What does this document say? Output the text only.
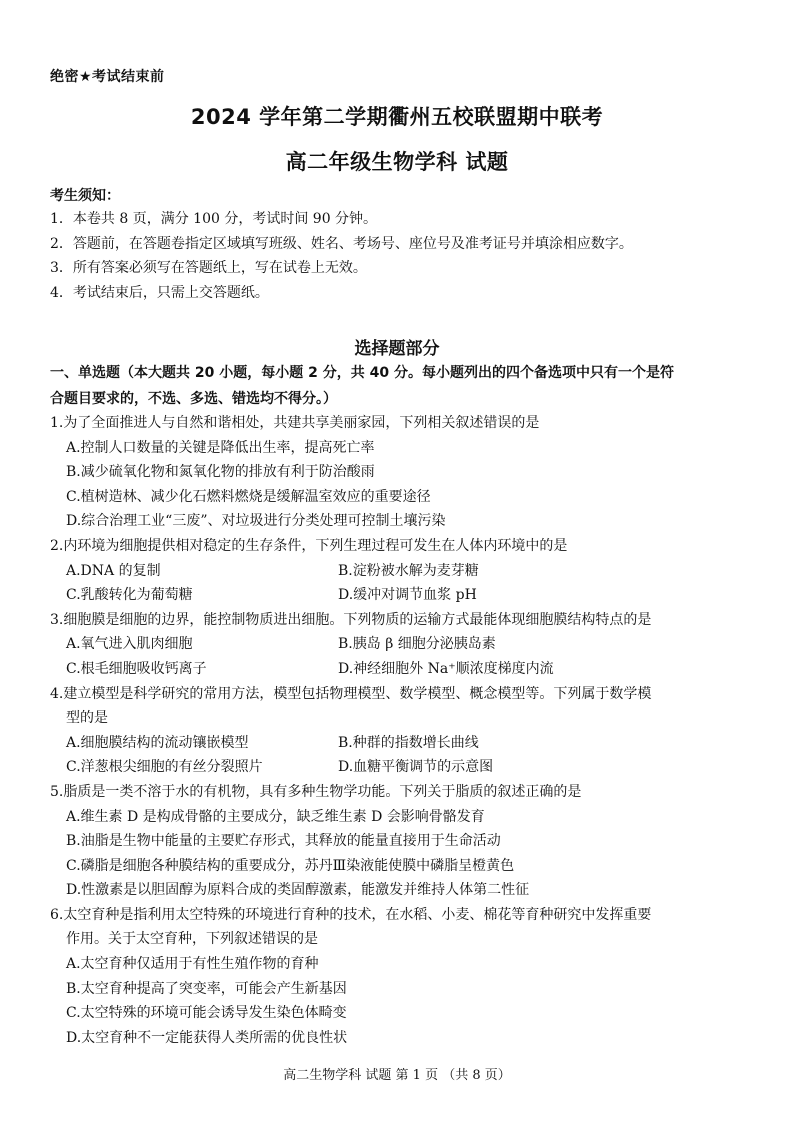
绝密★考试结束前
2024 学年第二学期衢州五校联盟期中联考
高二年级生物学科 试题
考生须知：
1．本卷共 8 页，满分 100 分，考试时间 90 分钟。
2．答题前，在答题卷指定区域填写班级、姓名、考场号、座位号及准考证号并填涂相应数字。
3．所有答案必须写在答题纸上，写在试卷上无效。
4．考试结束后，只需上交答题纸。
选择题部分
一、单选题（本大题共 20 小题，每小题 2 分，共 40 分。每小题列出的四个备选项中只有一个是符
合题目要求的，不选、多选、错选均不得分。）
1.为了全面推进人与自然和谐相处，共建共享美丽家园，下列相关叙述错误的是
A.控制人口数量的关键是降低出生率，提高死亡率
B.减少硫氧化物和氮氧化物的排放有利于防治酸雨
C.植树造林、减少化石燃料燃烧是缓解温室效应的重要途径
D.综合治理工业“三废”、对垃圾进行分类处理可控制土壤污染
2.内环境为细胞提供相对稳定的生存条件，下列生理过程可发生在人体内环境中的是
A.DNA 的复制	B.淀粉被水解为麦芽糖
C.乳酸转化为葡萄糖	D.缓冲对调节血浆 pH
3.细胞膜是细胞的边界，能控制物质进出细胞。下列物质的运输方式最能体现细胞膜结构特点的是
A.氧气进入肌肉细胞	B.胰岛 β 细胞分泌胰岛素
C.根毛细胞吸收钙离子	D.神经细胞外 Na⁺顺浓度梯度内流
4.建立模型是科学研究的常用方法，模型包括物理模型、数学模型、概念模型等。下列属于数学模
型的是
A.细胞膜结构的流动镶嵌模型	B.种群的指数增长曲线
C.洋葱根尖细胞的有丝分裂照片	D.血糖平衡调节的示意图
5.脂质是一类不溶于水的有机物，具有多种生物学功能。下列关于脂质的叙述正确的是
A.维生素 D 是构成骨骼的主要成分，缺乏维生素 D 会影响骨骼发育
B.油脂是生物中能量的主要贮存形式，其释放的能量直接用于生命活动
C.磷脂是细胞各种膜结构的重要成分，苏丹Ⅲ染液能使膜中磷脂呈橙黄色
D.性激素是以胆固醇为原料合成的类固醇激素，能激发并维持人体第二性征
6.太空育种是指利用太空特殊的环境进行育种的技术，在水稻、小麦、棉花等育种研究中发挥重要
作用。关于太空育种，下列叙述错误的是
A.太空育种仅适用于有性生殖作物的育种
B.太空育种提高了突变率，可能会产生新基因
C.太空特殊的环境可能会诱导发生染色体畸变
D.太空育种不一定能获得人类所需的优良性状
高二生物学科 试题 第 1 页 （共 8 页）
